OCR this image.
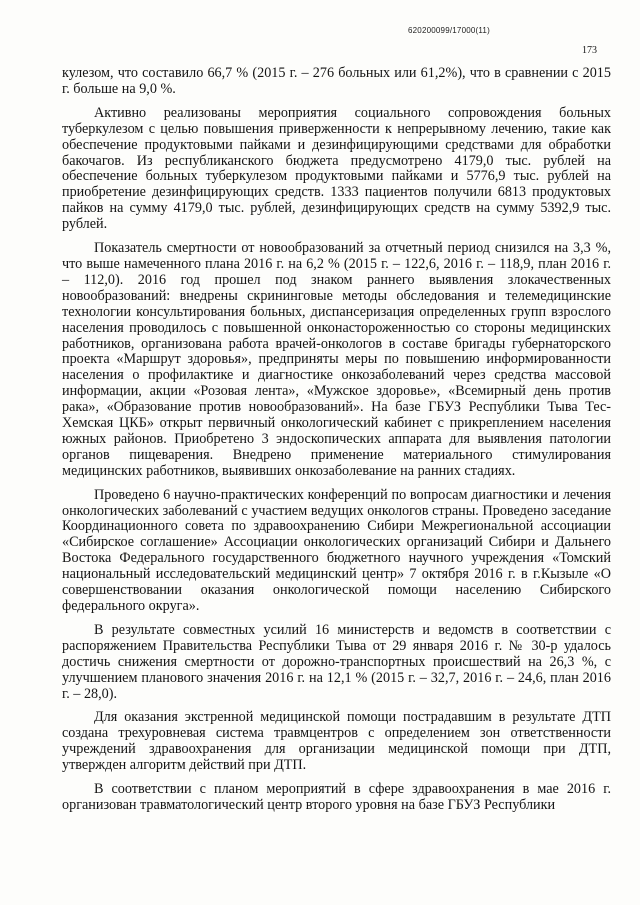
620200099/17000(11)
173

кулезом, что составило 66,7 % (2015 г. – 276 больных или 61,2%), что в сравнении с 2015 г. больше на 9,0 %.

Активно реализованы мероприятия социального сопровождения больных туберкулезом с целью повышения приверженности к непрерывному лечению, такие как обеспечение продуктовыми пайками и дезинфицирующими средствами для обработки бакочагов. Из республиканского бюджета предусмотрено 4179,0 тыс. рублей на обеспечение больных туберкулезом продуктовыми пайками и 5776,9 тыс. рублей на приобретение дезинфицирующих средств. 1333 пациентов получили 6813 продуктовых пайков на сумму 4179,0 тыс. рублей, дезинфицирующих средств на сумму 5392,9 тыс. рублей.

Показатель смертности от новообразований за отчетный период снизился на 3,3 %, что выше намеченного плана 2016 г. на 6,2 % (2015 г. – 122,6, 2016 г. – 118,9, план 2016 г. – 112,0). 2016 год прошел под знаком раннего выявления злокачественных новообразований: внедрены скрининговые методы обследования и телемедицинские технологии консультирования больных, диспансеризация определенных групп взрослого населения проводилось с повышенной онконастороженностью со стороны медицинских работников, организована работа врачей-онкологов в составе бригады губернаторского проекта «Маршрут здоровья», предприняты меры по повышению информированности населения о профилактике и диагностике онкозаболеваний через средства массовой информации, акции «Розовая лента», «Мужское здоровье», «Всемирный день против рака», «Образование против новообразований». На базе ГБУЗ Республики Тыва Тес-Хемская ЦКБ» открыт первичный онкологический кабинет с прикреплением населения южных районов. Приобретено 3 эндоскопических аппарата для выявления патологии органов пищеварения. Внедрено применение материального стимулирования медицинских работников, выявивших онкозаболевание на ранних стадиях.

Проведено 6 научно-практических конференций по вопросам диагностики и лечения онкологических заболеваний с участием ведущих онкологов страны. Проведено заседание Координационного совета по здравоохранению Сибири Межрегиональной ассоциации «Сибирское соглашение» Ассоциации онкологических организаций Сибири и Дальнего Востока Федерального государственного бюджетного научного учреждения «Томский национальный исследовательский медицинский центр» 7 октября 2016 г. в г.Кызыле «О совершенствовании оказания онкологической помощи населению Сибирского федерального округа».

В результате совместных усилий 16 министерств и ведомств в соответствии с распоряжением Правительства Республики Тыва от 29 января 2016 г. № 30-р удалось достичь снижения смертности от дорожно-транспортных происшествий на 26,3 %, с улучшением планового значения 2016 г. на 12,1 % (2015 г. – 32,7, 2016 г. – 24,6, план 2016 г. – 28,0).

Для оказания экстренной медицинской помощи пострадавшим в результате ДТП создана трехуровневая система травмцентров с определением зон ответственности учреждений здравоохранения для организации медицинской помощи при ДТП, утвержден алгоритм действий при ДТП.

В соответствии с планом мероприятий в сфере здравоохранения в мае 2016 г. организован травматологический центр второго уровня на базе ГБУЗ Республики
